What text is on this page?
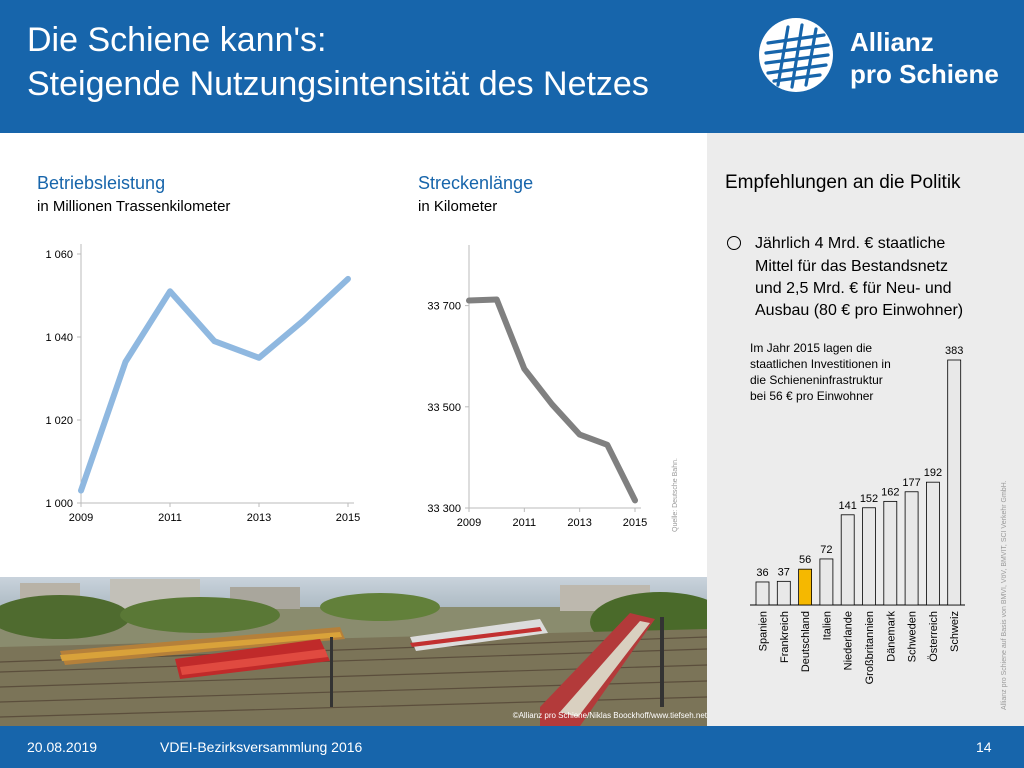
Die Schiene kann's:
Steigende Nutzungsintensität des Netzes
Allianz
pro Schiene
Betriebsleistung
in Millionen Trassenkilometer
1 000
1 020
1 040
1 060
2009	2011	2013	2015
Streckenlänge
in Kilometer
33 300
33 500
33 700
2009	2011	2013	2015	Quelle: Deutsche Bahn.
Empfehlungen an die Politik
Jährlich 4 Mrd. € staatliche
Mittel für das Bestandsnetz
und 2,5 Mrd. € für Neu- und
Ausbau (80 € pro Einwohner)
Im Jahr 2015 lagen die
staatlichen Investitionen in
die Schieneninfrastruktur
bei 56 € pro Einwohner
36
Spanien
37
Frankreich
56
Deutschland
72
Italien
141
Niederlande
152
Großbritannien
162
Dänemark
177
Schweden
192
Österreich
383
Schweiz	Allianz pro Schiene auf Basis von BMVI, VöV, BMVIT, SCI Verkehr GmbH.
©Allianz pro Schiene/Niklas Boockhoff/www.tiefseh.net
20.08.2019	VDEI-Bezirksversammlung 2016	14
